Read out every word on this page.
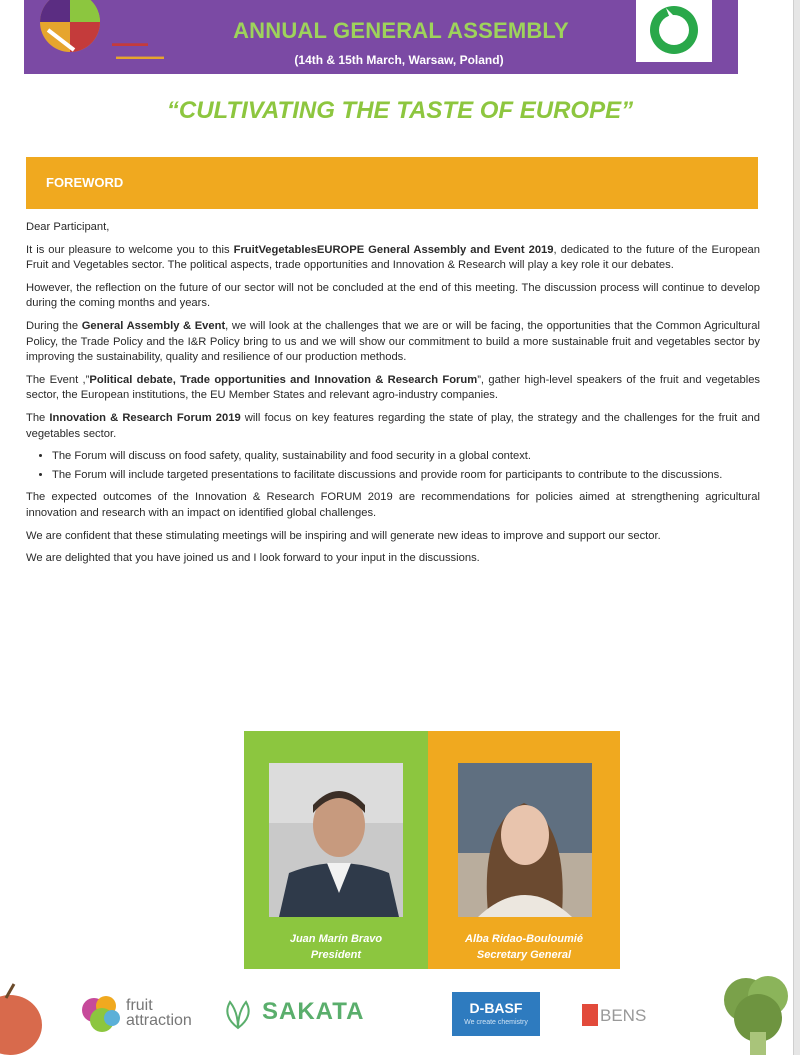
▬▬▬▬
▬▬▬▬▬▬
ANNUAL GENERAL ASSEMBLY
(14th & 15th March, Warsaw, Poland)
“CULTIVATING THE TASTE OF EUROPE”
FOREWORD

Dear Participant,

It is our pleasure to welcome you to this FruitVegetablesEUROPE General Assembly and Event 2019, dedicated to the future of the European Fruit and Vegetables sector. The political aspects, trade opportunities and Innovation & Research will play a key role it our debates.

However, the reflection on the future of our sector will not be concluded at the end of this meeting. The discussion process will continue to develop during the coming months and years.

During the General Assembly & Event, we will look at the challenges that we are or will be facing, the opportunities that the Common Agricultural Policy, the Trade Policy and the I&R Policy bring to us and we will show our commitment to build a more sustainable fruit and vegetables sector by improving the sustainability, quality and resilience of our production methods.

The Event ,”Political debate, Trade opportunities and Innovation & Research Forum”, gather high-level speakers of the fruit and vegetables sector, the European institutions, the EU Member States and relevant agro-industry companies.

The Innovation & Research Forum 2019 will focus on key features regarding the state of play, the strategy and the challenges for the fruit and vegetables sector.

• The Forum will discuss on food safety, quality, sustainability and food security in a global context.
• The Forum will include targeted presentations to facilitate discussions and provide room for participants to contribute to the discussions.

The expected outcomes of the Innovation & Research FORUM 2019 are recommendations for policies aimed at strengthening agricultural innovation and research with an impact on identified global challenges.

We are confident that these stimulating meetings will be inspiring and will generate new ideas to improve and support our sector.

We are delighted that you have joined us and I look forward to your input in the discussions.

Juan Marín Bravo
President
Alba Ridao-Bouloumié
Secretary General
fruit
attraction	SAKATA	D-BASF
We create chemistry	BENS
